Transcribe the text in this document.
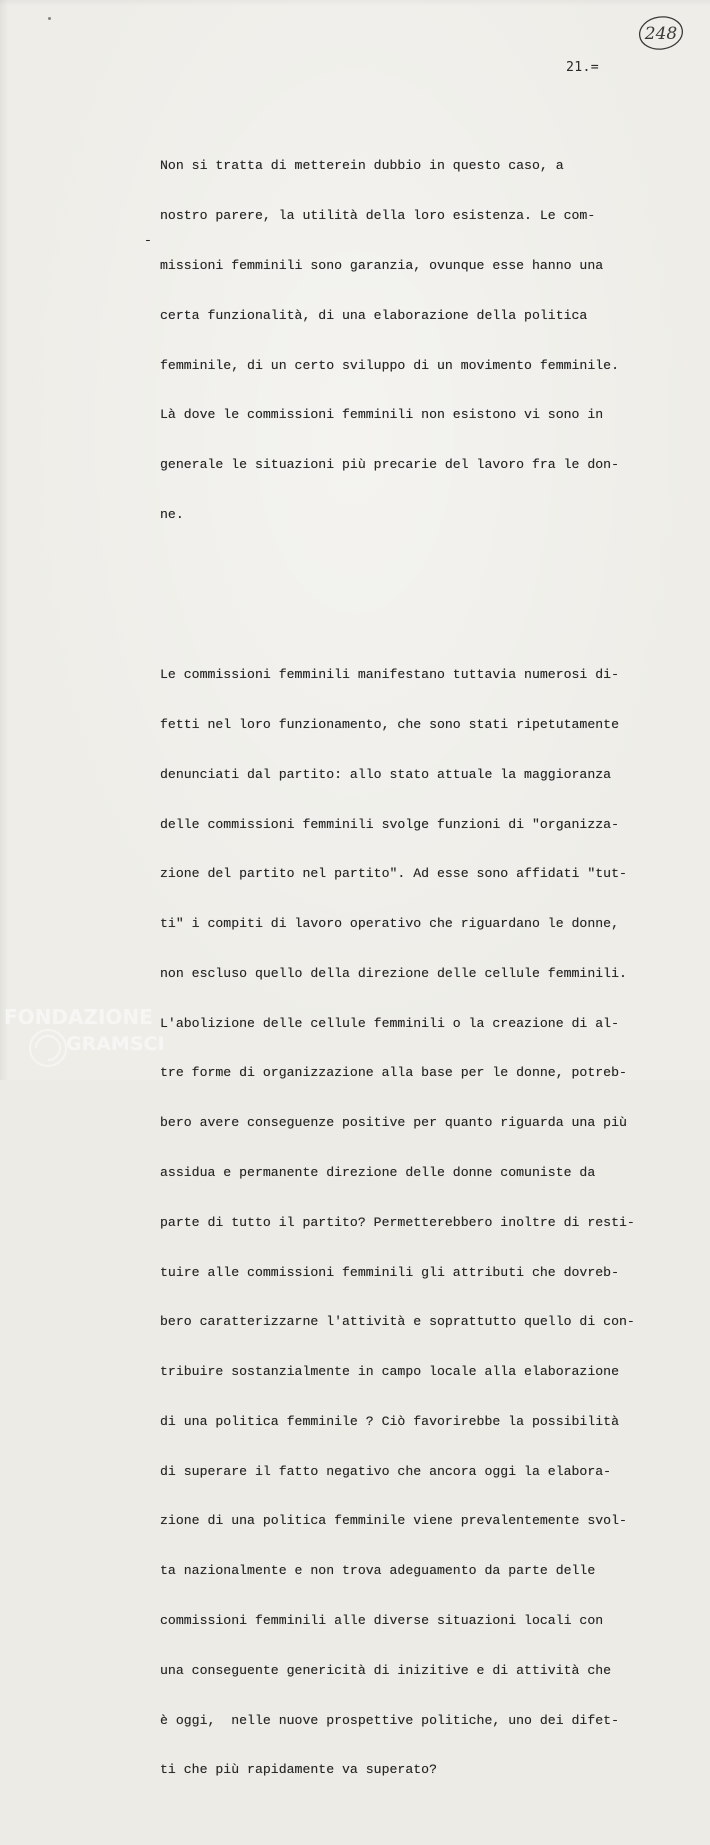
248
21.=
-

Non si tratta di metterein dubbio in questo caso, a

nostro parere, la utilità della loro esistenza. Le com-

missioni femminili sono garanzia, ovunque esse hanno una

certa funzionalità, di una elaborazione della politica

femminile, di un certo sviluppo di un movimento femminile.

Là dove le commissioni femminili non esistono vi sono in

generale le situazioni più precarie del lavoro fra le don-

ne.

Le commissioni femminili manifestano tuttavia numerosi di-

fetti nel loro funzionamento, che sono stati ripetutamente

denunciati dal partito: allo stato attuale la maggioranza

delle commissioni femminili svolge funzioni di "organizza-

zione del partito nel partito". Ad esse sono affidati "tut-

ti" i compiti di lavoro operativo che riguardano le donne,

non escluso quello della direzione delle cellule femminili.

L'abolizione delle cellule femminili o la creazione di al-

tre forme di organizzazione alla base per le donne, potreb-

bero avere conseguenze positive per quanto riguarda una più

assidua e permanente direzione delle donne comuniste da

parte di tutto il partito? Permetterebbero inoltre di resti-

tuire alle commissioni femminili gli attributi che dovreb-

bero caratterizzarne l'attività e soprattutto quello di con-

tribuire sostanzialmente in campo locale alla elaborazione

di una politica femminile ? Ciò favorirebbe la possibilità

di superare il fatto negativo che ancora oggi la elabora-

zione di una politica femminile viene prevalentemente svol-

ta nazionalmente e non trova adeguamento da parte delle

commissioni femminili alle diverse situazioni locali con

una conseguente genericità di inizitive e di attività che

è oggi,  nelle nuove prospettive politiche, uno dei difet-

ti che più rapidamente va superato?

FONDAZIONE
GRAMSCI
